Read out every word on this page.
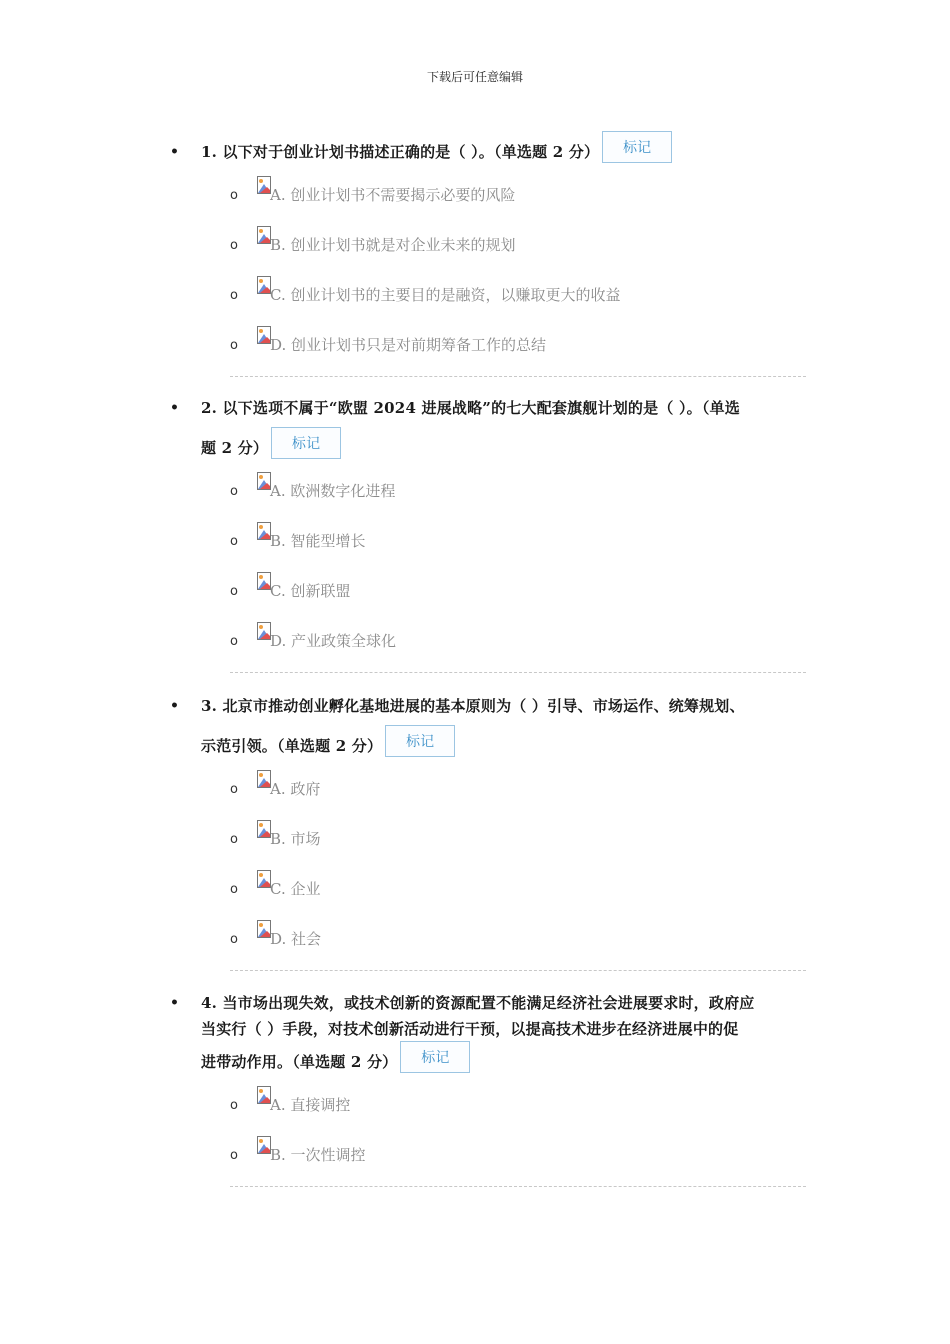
下载后可任意编辑
• 1. 以下对于创业计划书描述正确的是（ ）。（单选题 2 分） 标记
o A. 创业计划书不需要揭示必要的风险
o B. 创业计划书就是对企业未来的规划
o C. 创业计划书的主要目的是融资，以赚取更大的收益
o D. 创业计划书只是对前期筹备工作的总结
• 2. 以下选项不属于“欧盟 2024 进展战略”的七大配套旗舰计划的是（ ）。（单选
题 2 分） 标记
o A. 欧洲数字化进程
o B. 智能型增长
o C. 创新联盟
o D. 产业政策全球化
• 3. 北京市推动创业孵化基地进展的基本原则为（ ）引导、市场运作、统筹规划、
示范引领。（单选题 2 分） 标记
o A. 政府
o B. 市场
o C. 企业
o D. 社会
• 4. 当市场出现失效，或技术创新的资源配置不能满足经济社会进展要求时，政府应
当实行（ ）手段，对技术创新活动进行干预，以提高技术进步在经济进展中的促
进带动作用。（单选题 2 分） 标记
o A. 直接调控
o B. 一次性调控
